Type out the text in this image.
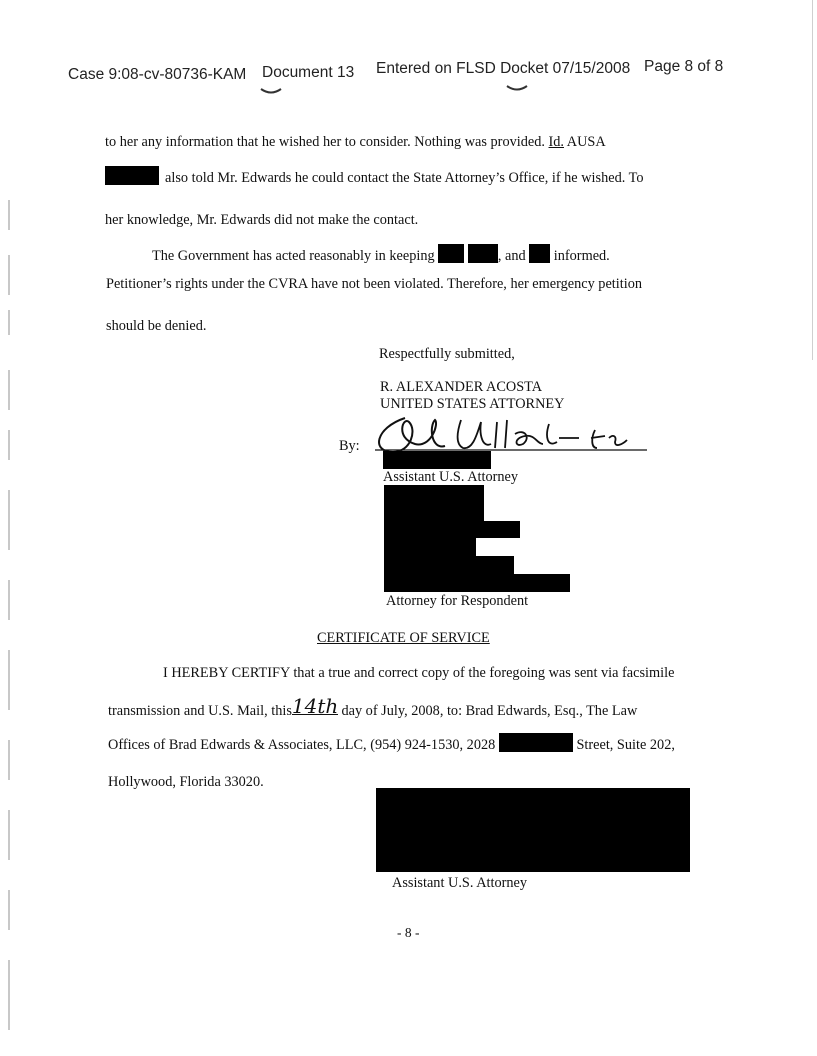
Case 9:08-cv-80736-KAM Document 13 Entered on FLSD Docket 07/15/2008 Page 8 of 8
to her any information that he wished her to consider. Nothing was provided. Id. AUSA
also told Mr. Edwards he could contact the State Attorney’s Office, if he wished. To
her knowledge, Mr. Edwards did not make the contact.
The Government has acted reasonably in keeping	, and informed.
Petitioner’s rights under the CVRA have not been violated. Therefore, her emergency petition
should be denied.
Respectfully submitted,
R. ALEXANDER ACOSTA
UNITED STATES ATTORNEY
By:
Assistant U.S. Attorney
Attorney for Respondent
CERTIFICATE OF SERVICE
I HEREBY CERTIFY that a true and correct copy of the foregoing was sent via facsimile
transmission and U.S. Mail, this14th day of July, 2008, to: Brad Edwards, Esq., The Law
Offices of Brad Edwards & Associates, LLC, (954) 924-1530, 2028	Street, Suite 202,
Hollywood, Florida 33020.
Assistant U.S. Attorney
- 8 -
